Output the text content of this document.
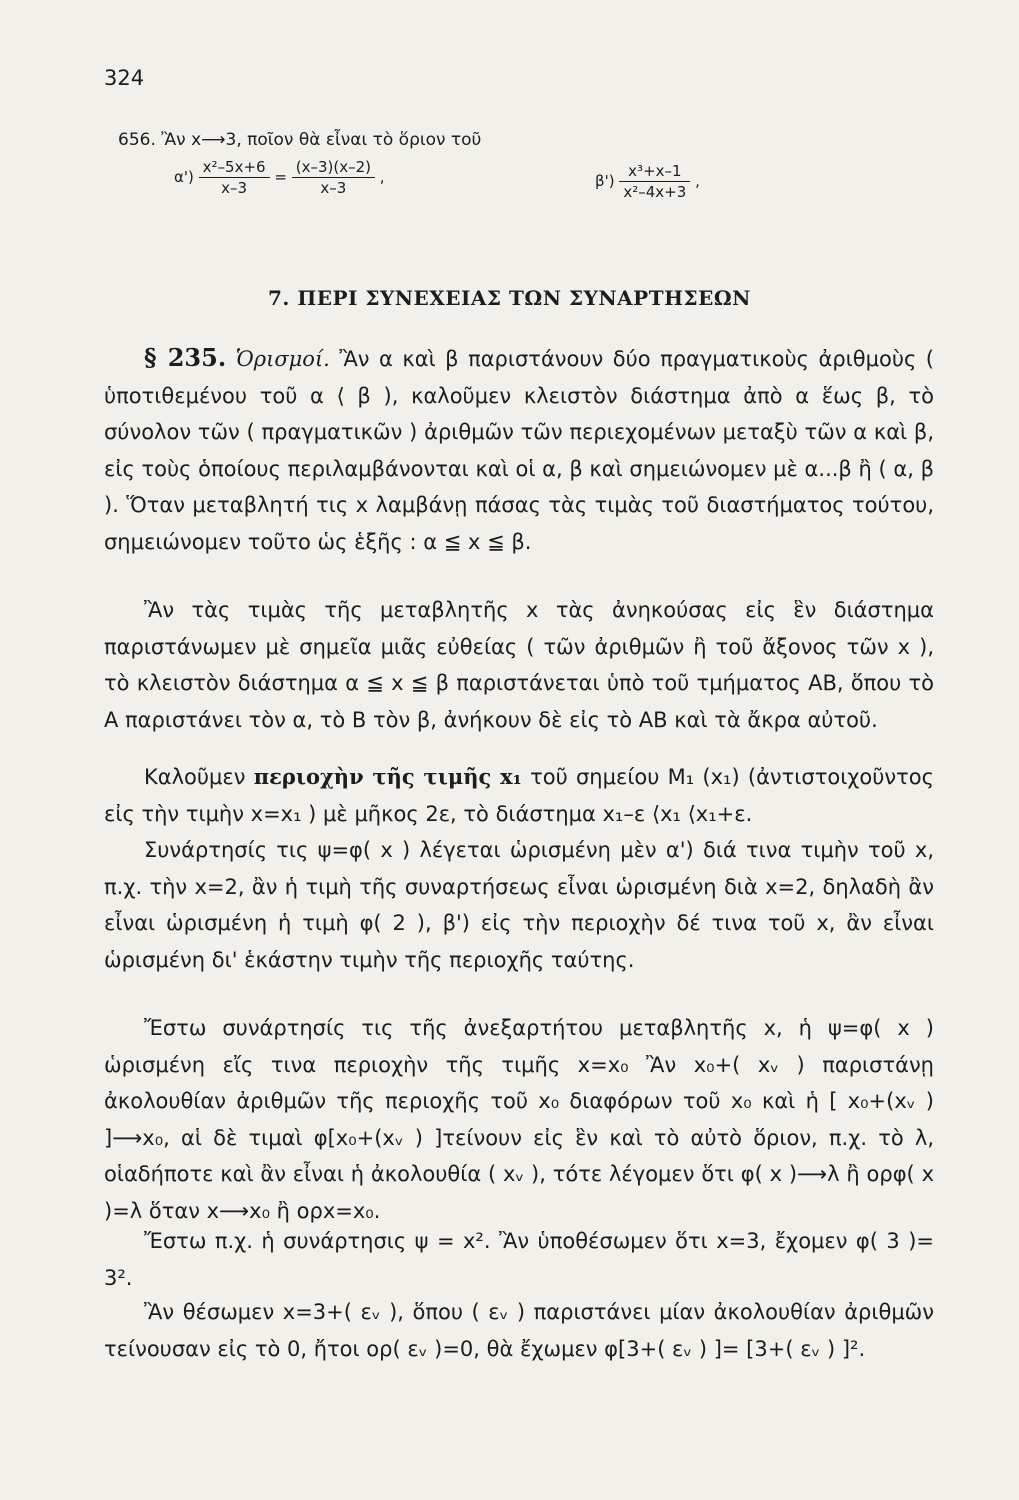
324
656. Ἂν x⟶3, ποῖον θὰ εἶναι τὸ ὅριον τοῦ
$\alpha') \frac{\text{x²–5x+6}}{x-3} = \frac{(x-3)(x-2)}{x-3}$ ,	$\beta') \frac{\text{x³+x–1}}{\text{x²–4x+3}}$ ,
7. ΠΕΡΙ ΣΥΝΕΧΕΙΑΣ ΤΩΝ ΣΥΝΑΡΤΗΣΕΩΝ

§ 235. Ὁρισμοί. Ἂν α καὶ β παριστάνουν δύο πραγματικοὺς ἀριθμοὺς ( ὑποτιθεμένου τοῦ α ⟨ β ), καλοῦμεν κλειστὸν διάστημα ἀπὸ α ἕως β, τὸ σύνολον τῶν ( πραγματικῶν ) ἀριθμῶν τῶν περιεχομένων μεταξὺ τῶν α καὶ β, εἰς τοὺς ὁποίους περιλαμβάνονται καὶ οἱ α, β καὶ σημειώνομεν μὲ α...β ἢ ( α, β ). Ὅταν μεταβλητή τις x λαμβάνῃ πάσας τὰς τιμὰς τοῦ διαστήματος τούτου, σημειώνομεν τοῦτο ὡς ἑξῆς : α ≦ x ≦ β.

Ἂν τὰς τιμὰς τῆς μεταβλητῆς x τὰς ἀνηκούσας εἰς ἓν διάστημα παριστάνωμεν μὲ σημεῖα μιᾶς εὐθείας ( τῶν ἀριθμῶν ἢ τοῦ ἄξονος τῶν x ), τὸ κλειστὸν διάστημα α ≦ x ≦ β παριστάνεται ὑπὸ τοῦ τμήματος ΑΒ, ὅπου τὸ Α παριστάνει τὸν α, τὸ Β τὸν β, ἀνήκουν δὲ εἰς τὸ ΑΒ καὶ τὰ ἄκρα αὐτοῦ.

Καλοῦμεν περιοχὴν τῆς τιμῆς x₁ τοῦ σημείου M₁ (x₁) (ἀντιστοιχοῦντος εἰς τὴν τιμὴν x=x₁ ) μὲ μῆκος 2ε, τὸ διάστημα x₁–ε ⟨x₁ ⟨x₁+ε.

Συνάρτησίς τις ψ=φ( x ) λέγεται ὡρισμένη μὲν α') διά τινα τιμὴν τοῦ x, π.χ. τὴν x=2, ἂν ἡ τιμὴ τῆς συναρτήσεως εἶναι ὡρισμένη διὰ x=2, δηλαδὴ ἂν εἶναι ὡρισμένη ἡ τιμὴ φ( 2 ), β') εἰς τὴν περιοχὴν δέ τινα τοῦ x, ἂν εἶναι ὡρισμένη δι' ἑκάστην τιμὴν τῆς περιοχῆς ταύτης.

Ἔστω συνάρτησίς τις τῆς ἀνεξαρτήτου μεταβλητῆς x, ἡ ψ=φ( x ) ὡρισμένη εἴς τινα περιοχὴν τῆς τιμῆς x=x₀ Ἂν x₀+( xᵥ ) παριστάνῃ ἀκολουθίαν ἀριθμῶν τῆς περιοχῆς τοῦ x₀ διαφόρων τοῦ x₀ καὶ ἡ [ x₀+(xᵥ ) ]⟶x₀, αἱ δὲ τιμαὶ φ[x₀+(xᵥ ) ]τείνουν εἰς ἓν καὶ τὸ αὐτὸ ὅριον, π.χ. τὸ λ, οἱαδήποτε καὶ ἂν εἶναι ἡ ἀκολουθία ( xᵥ ), τότε λέγομεν ὅτι φ( x )⟶λ ἢ ορφ( x )=λ ὅταν x⟶x₀ ἢ ορx=x₀.

Ἔστω π.χ. ἡ συνάρτησις ψ = x². Ἂν ὑποθέσωμεν ὅτι x=3, ἔχομεν φ( 3 )= 3².

Ἂν θέσωμεν x=3+( εᵥ ), ὅπου ( εᵥ ) παριστάνει μίαν ἀκολουθίαν ἀριθμῶν τείνουσαν εἰς τὸ 0, ἤτοι ορ( εᵥ )=0, θὰ ἔχωμεν φ[3+( εᵥ ) ]= [3+( εᵥ ) ]².
